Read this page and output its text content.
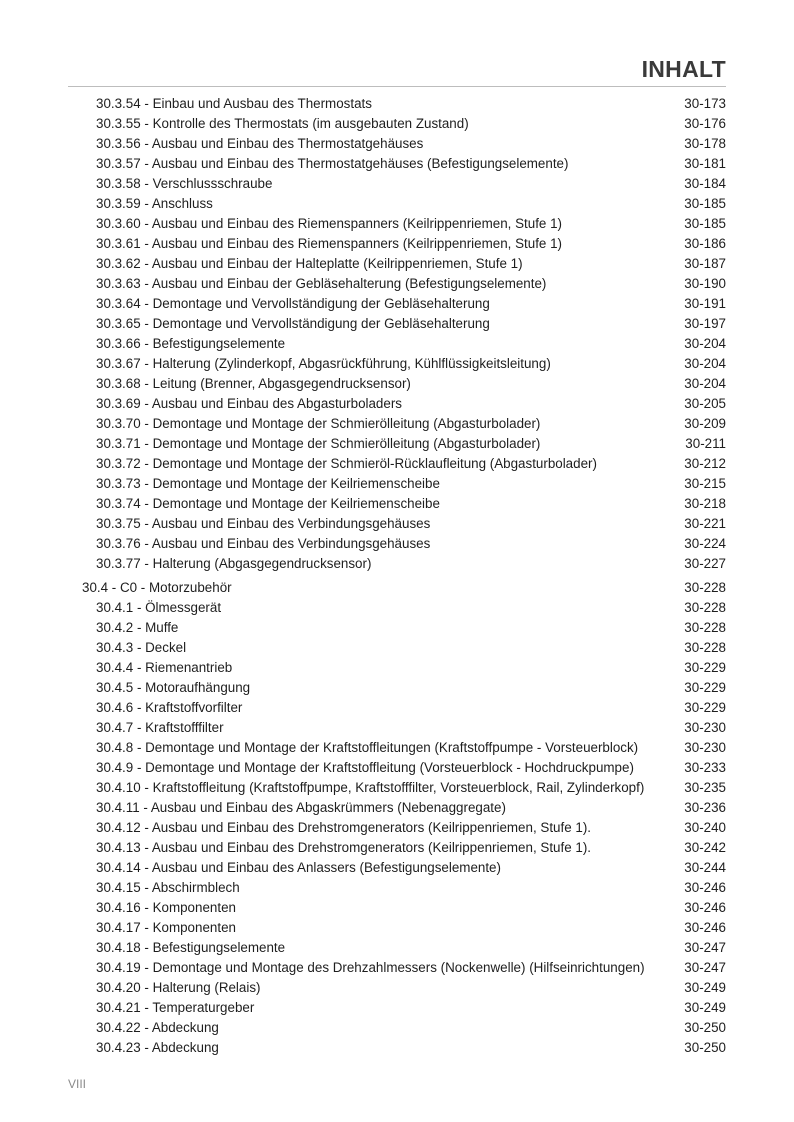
INHALT
30.3.54 - Einbau und Ausbau des Thermostats	30-173
30.3.55 - Kontrolle des Thermostats (im ausgebauten Zustand)	30-176
30.3.56 - Ausbau und Einbau des Thermostatgehäuses	30-178
30.3.57 - Ausbau und Einbau des Thermostatgehäuses (Befestigungselemente)	30-181
30.3.58 - Verschlussschraube	30-184
30.3.59 - Anschluss	30-185
30.3.60 - Ausbau und Einbau des Riemenspanners (Keilrippenriemen, Stufe 1)	30-185
30.3.61 - Ausbau und Einbau des Riemenspanners (Keilrippenriemen, Stufe 1)	30-186
30.3.62 - Ausbau und Einbau der Halteplatte (Keilrippenriemen, Stufe 1)	30-187
30.3.63 - Ausbau und Einbau der Gebläsehalterung (Befestigungselemente)	30-190
30.3.64 - Demontage und Vervollständigung der Gebläsehalterung	30-191
30.3.65 - Demontage und Vervollständigung der Gebläsehalterung	30-197
30.3.66 - Befestigungselemente	30-204
30.3.67 - Halterung (Zylinderkopf, Abgasrückführung, Kühlflüssigkeitsleitung)	30-204
30.3.68 - Leitung (Brenner, Abgasgegendrucksensor)	30-204
30.3.69 - Ausbau und Einbau des Abgasturboladers	30-205
30.3.70 - Demontage und Montage der Schmierölleitung (Abgasturbolader)	30-209
30.3.71 - Demontage und Montage der Schmierölleitung (Abgasturbolader)	30-211
30.3.72 - Demontage und Montage der Schmieröl-Rücklaufleitung (Abgasturbolader)	30-212
30.3.73 - Demontage und Montage der Keilriemenscheibe	30-215
30.3.74 - Demontage und Montage der Keilriemenscheibe	30-218
30.3.75 - Ausbau und Einbau des Verbindungsgehäuses	30-221
30.3.76 - Ausbau und Einbau des Verbindungsgehäuses	30-224
30.3.77 - Halterung (Abgasgegendrucksensor)	30-227
30.4 - C0 - Motorzubehör	30-228
30.4.1 - Ölmessgerät	30-228
30.4.2 - Muffe	30-228
30.4.3 - Deckel	30-228
30.4.4 - Riemenantrieb	30-229
30.4.5 - Motoraufhängung	30-229
30.4.6 - Kraftstoffvorfilter	30-229
30.4.7 - Kraftstofffilter	30-230
30.4.8 - Demontage und Montage der Kraftstoffleitungen (Kraftstoffpumpe - Vorsteuerblock)	30-230
30.4.9 - Demontage und Montage der Kraftstoffleitung (Vorsteuerblock - Hochdruckpumpe)	30-233
30.4.10 - Kraftstoffleitung (Kraftstoffpumpe, Kraftstofffilter, Vorsteuerblock, Rail, Zylinderkopf)	30-235
30.4.11 - Ausbau und Einbau des Abgaskrümmers (Nebenaggregate)	30-236
30.4.12 - Ausbau und Einbau des Drehstromgenerators (Keilrippenriemen, Stufe 1).	30-240
30.4.13 - Ausbau und Einbau des Drehstromgenerators (Keilrippenriemen, Stufe 1).	30-242
30.4.14 - Ausbau und Einbau des Anlassers (Befestigungselemente)	30-244
30.4.15 - Abschirmblech	30-246
30.4.16 - Komponenten	30-246
30.4.17 - Komponenten	30-246
30.4.18 - Befestigungselemente	30-247
30.4.19 - Demontage und Montage des Drehzahlmessers (Nockenwelle) (Hilfseinrichtungen)	30-247
30.4.20 - Halterung (Relais)	30-249
30.4.21 - Temperaturgeber	30-249
30.4.22 - Abdeckung	30-250
30.4.23 - Abdeckung	30-250
VIII
